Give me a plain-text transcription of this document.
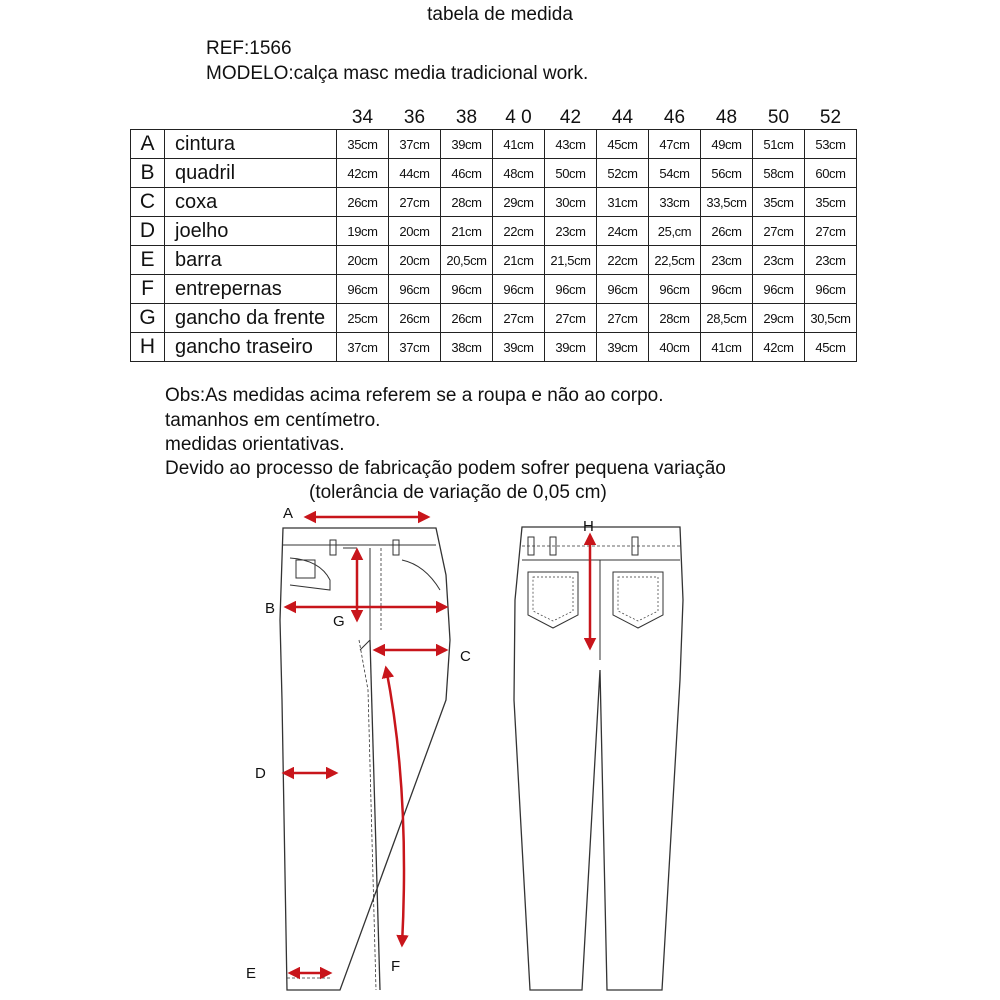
tabela de medida
REF:1566
MODELO:calça masc media tradicional work.
		34	36	38	4 0	42	44	46	48	50	52
A	cintura	35cm	37cm	39cm	41cm	43cm	45cm	47cm	49cm	51cm	53cm
B	quadril	42cm	44cm	46cm	48cm	50cm	52cm	54cm	56cm	58cm	60cm
C	coxa	26cm	27cm	28cm	29cm	30cm	31cm	33cm	33,5cm	35cm	35cm
D	joelho	19cm	20cm	21cm	22cm	23cm	24cm	25,cm	26cm	27cm	27cm
E	barra	20cm	20cm	20,5cm	21cm	21,5cm	22cm	22,5cm	23cm	23cm	23cm
F	entrepernas	96cm	96cm	96cm	96cm	96cm	96cm	96cm	96cm	96cm	96cm
G	gancho da frente	25cm	26cm	26cm	27cm	27cm	27cm	28cm	28,5cm	29cm	30,5cm
H	gancho traseiro	37cm	37cm	38cm	39cm	39cm	39cm	40cm	41cm	42cm	45cm
Obs:As medidas acima referem se a roupa e não ao corpo.
tamanhos em centímetro.
medidas orientativas.
Devido ao processo de fabricação podem sofrer pequena variação
(tolerância de variação de 0,05 cm)
A
B
C
D
E	F
G
H
